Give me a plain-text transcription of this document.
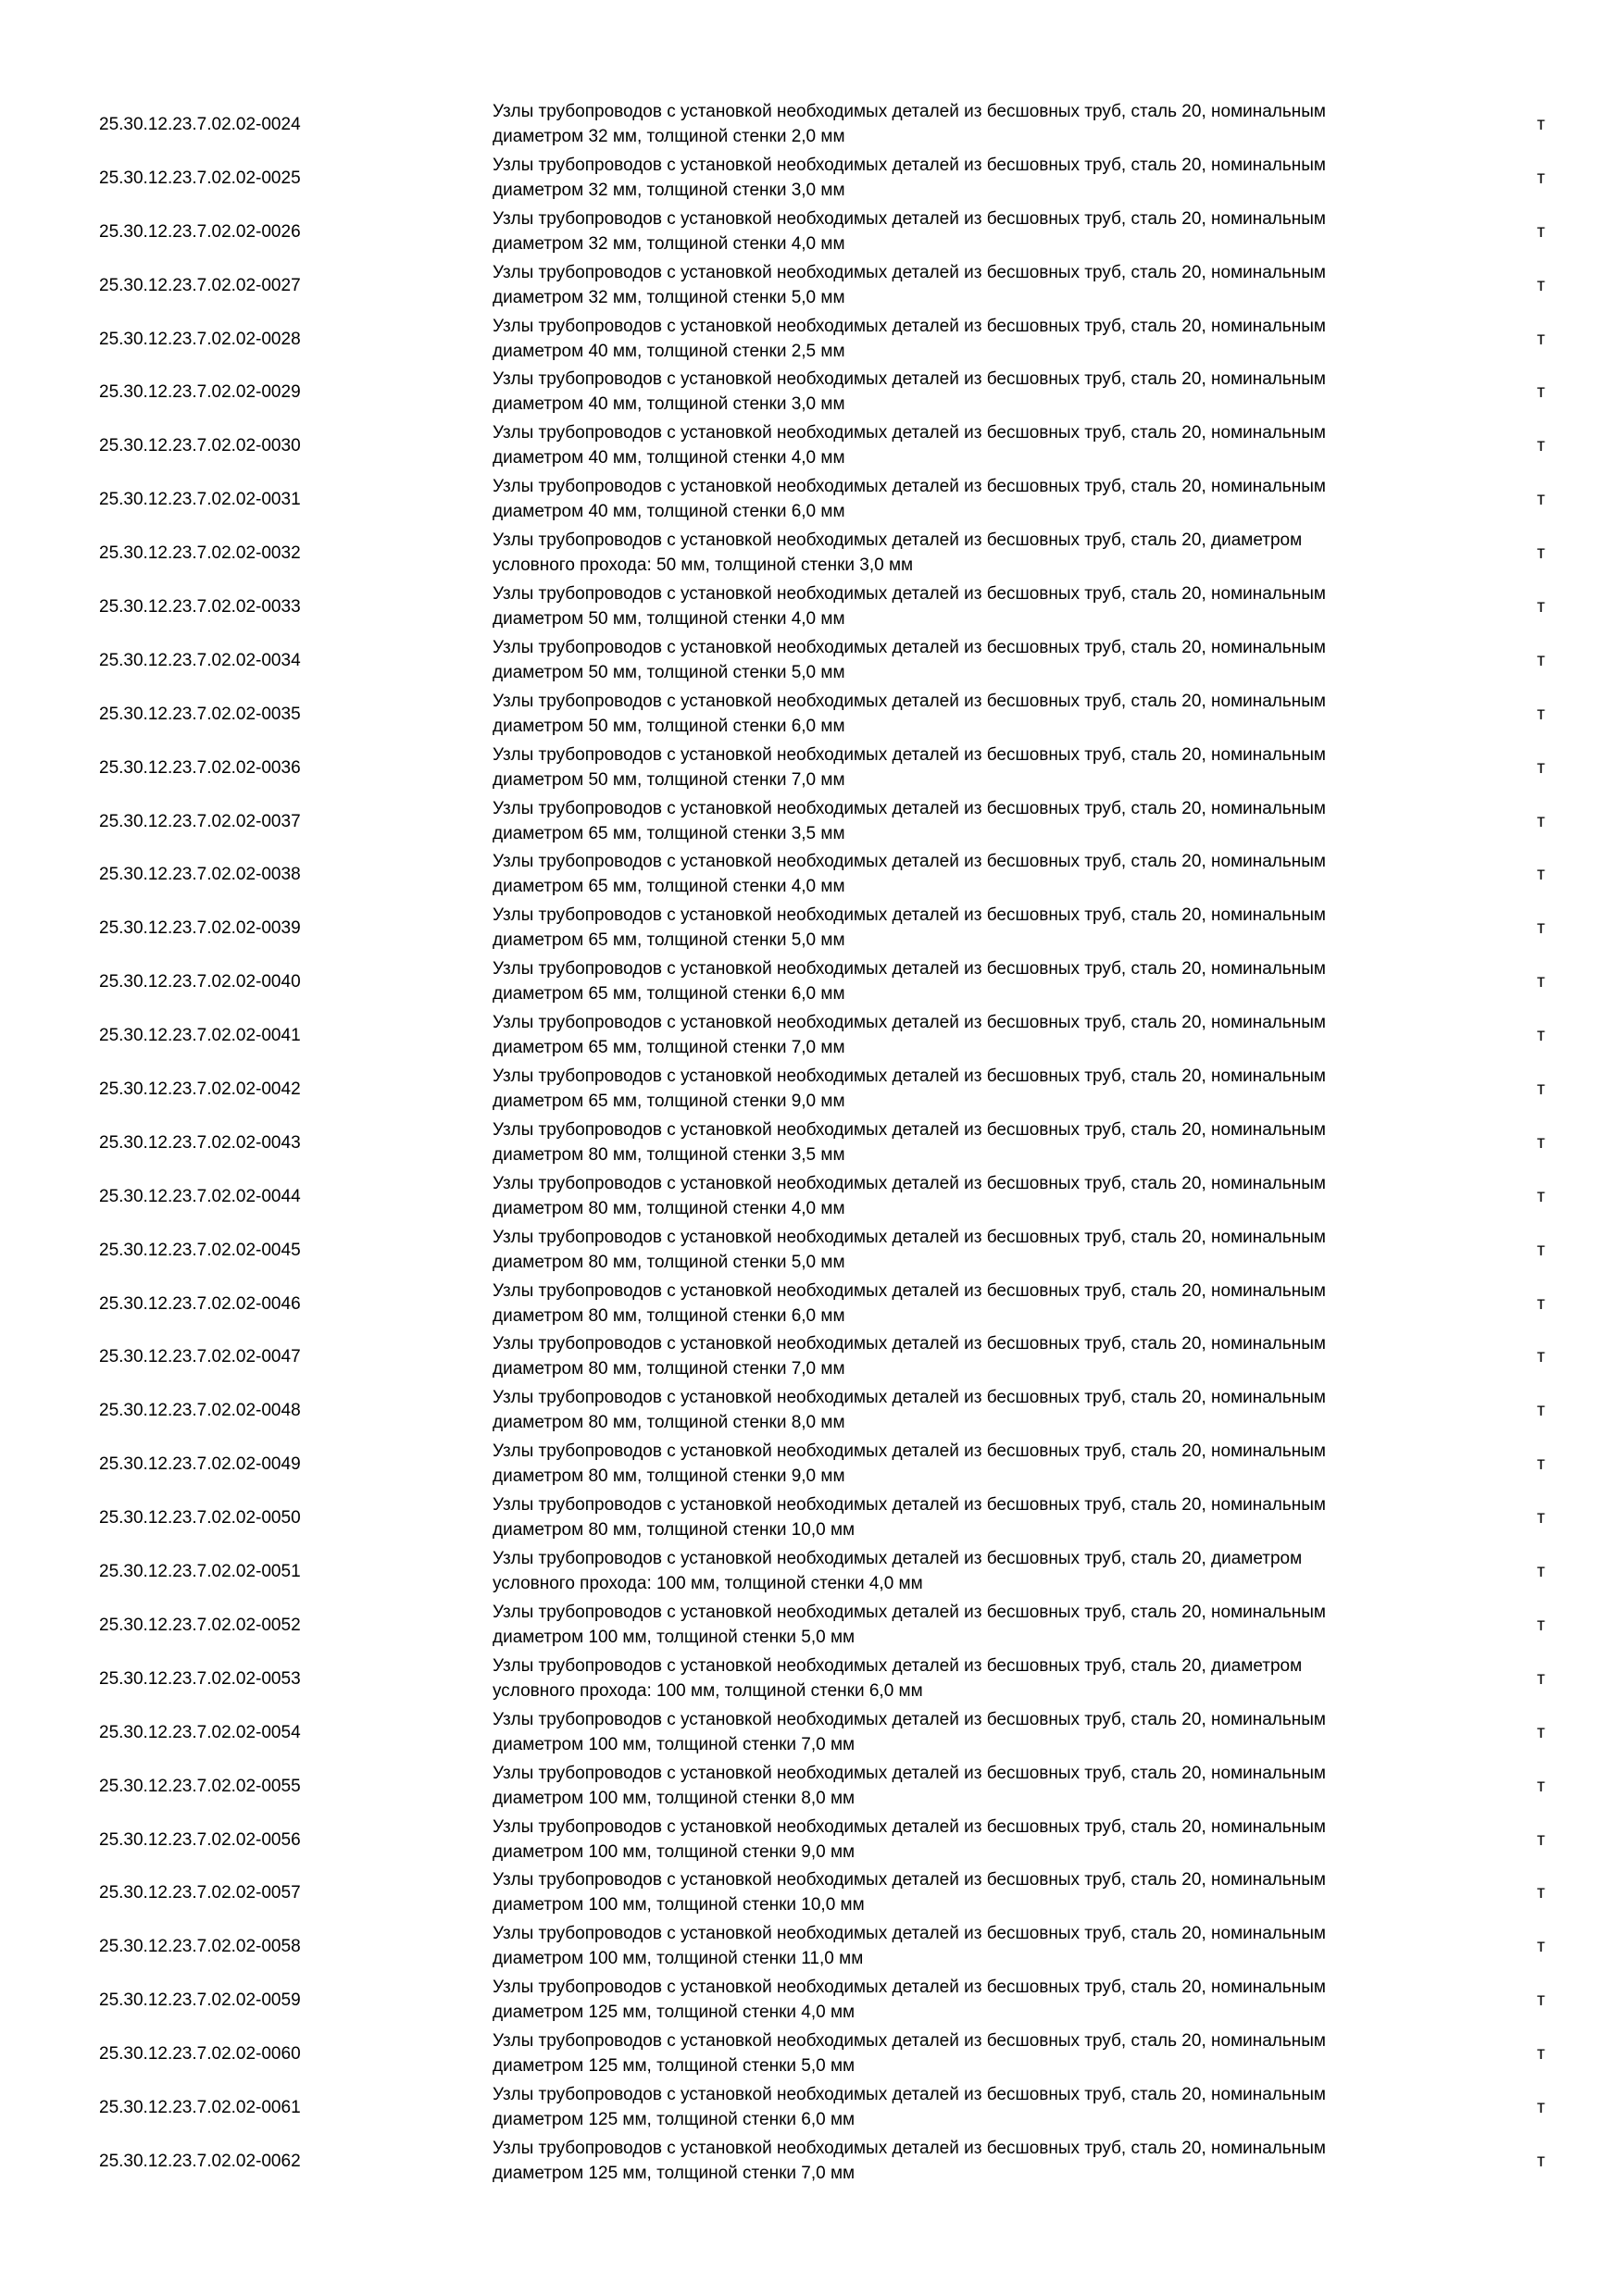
25.30.12.23.7.02.02-0024
Узлы трубопроводов с установкой необходимых деталей из бесшовных труб, сталь 20, номинальным
диаметром 32 мм, толщиной стенки 2,0 мм
т
25.30.12.23.7.02.02-0025
Узлы трубопроводов с установкой необходимых деталей из бесшовных труб, сталь 20, номинальным
диаметром 32 мм, толщиной стенки 3,0 мм
т
25.30.12.23.7.02.02-0026
Узлы трубопроводов с установкой необходимых деталей из бесшовных труб, сталь 20, номинальным
диаметром 32 мм, толщиной стенки 4,0 мм
т
25.30.12.23.7.02.02-0027
Узлы трубопроводов с установкой необходимых деталей из бесшовных труб, сталь 20, номинальным
диаметром 32 мм, толщиной стенки 5,0 мм
т
25.30.12.23.7.02.02-0028
Узлы трубопроводов с установкой необходимых деталей из бесшовных труб, сталь 20, номинальным
диаметром 40 мм, толщиной стенки 2,5 мм
т
25.30.12.23.7.02.02-0029
Узлы трубопроводов с установкой необходимых деталей из бесшовных труб, сталь 20, номинальным
диаметром 40 мм, толщиной стенки 3,0 мм
т
25.30.12.23.7.02.02-0030
Узлы трубопроводов с установкой необходимых деталей из бесшовных труб, сталь 20, номинальным
диаметром 40 мм, толщиной стенки 4,0 мм
т
25.30.12.23.7.02.02-0031
Узлы трубопроводов с установкой необходимых деталей из бесшовных труб, сталь 20, номинальным
диаметром 40 мм, толщиной стенки 6,0 мм
т
25.30.12.23.7.02.02-0032
Узлы трубопроводов с установкой необходимых деталей из бесшовных труб, сталь 20, диаметром
условного прохода: 50 мм, толщиной стенки 3,0 мм
т
25.30.12.23.7.02.02-0033
Узлы трубопроводов с установкой необходимых деталей из бесшовных труб, сталь 20, номинальным
диаметром 50 мм, толщиной стенки 4,0 мм
т
25.30.12.23.7.02.02-0034
Узлы трубопроводов с установкой необходимых деталей из бесшовных труб, сталь 20, номинальным
диаметром 50 мм, толщиной стенки 5,0 мм
т
25.30.12.23.7.02.02-0035
Узлы трубопроводов с установкой необходимых деталей из бесшовных труб, сталь 20, номинальным
диаметром 50 мм, толщиной стенки 6,0 мм
т
25.30.12.23.7.02.02-0036
Узлы трубопроводов с установкой необходимых деталей из бесшовных труб, сталь 20, номинальным
диаметром 50 мм, толщиной стенки 7,0 мм
т
25.30.12.23.7.02.02-0037
Узлы трубопроводов с установкой необходимых деталей из бесшовных труб, сталь 20, номинальным
диаметром 65 мм, толщиной стенки 3,5 мм
т
25.30.12.23.7.02.02-0038
Узлы трубопроводов с установкой необходимых деталей из бесшовных труб, сталь 20, номинальным
диаметром 65 мм, толщиной стенки 4,0 мм
т
25.30.12.23.7.02.02-0039
Узлы трубопроводов с установкой необходимых деталей из бесшовных труб, сталь 20, номинальным
диаметром 65 мм, толщиной стенки 5,0 мм
т
25.30.12.23.7.02.02-0040
Узлы трубопроводов с установкой необходимых деталей из бесшовных труб, сталь 20, номинальным
диаметром 65 мм, толщиной стенки 6,0 мм
т
25.30.12.23.7.02.02-0041
Узлы трубопроводов с установкой необходимых деталей из бесшовных труб, сталь 20, номинальным
диаметром 65 мм, толщиной стенки 7,0 мм
т
25.30.12.23.7.02.02-0042
Узлы трубопроводов с установкой необходимых деталей из бесшовных труб, сталь 20, номинальным
диаметром 65 мм, толщиной стенки 9,0 мм
т
25.30.12.23.7.02.02-0043
Узлы трубопроводов с установкой необходимых деталей из бесшовных труб, сталь 20, номинальным
диаметром 80 мм, толщиной стенки 3,5 мм
т
25.30.12.23.7.02.02-0044
Узлы трубопроводов с установкой необходимых деталей из бесшовных труб, сталь 20, номинальным
диаметром 80 мм, толщиной стенки 4,0 мм
т
25.30.12.23.7.02.02-0045
Узлы трубопроводов с установкой необходимых деталей из бесшовных труб, сталь 20, номинальным
диаметром 80 мм, толщиной стенки 5,0 мм
т
25.30.12.23.7.02.02-0046
Узлы трубопроводов с установкой необходимых деталей из бесшовных труб, сталь 20, номинальным
диаметром 80 мм, толщиной стенки 6,0 мм
т
25.30.12.23.7.02.02-0047
Узлы трубопроводов с установкой необходимых деталей из бесшовных труб, сталь 20, номинальным
диаметром 80 мм, толщиной стенки 7,0 мм
т
25.30.12.23.7.02.02-0048
Узлы трубопроводов с установкой необходимых деталей из бесшовных труб, сталь 20, номинальным
диаметром 80 мм, толщиной стенки 8,0 мм
т
25.30.12.23.7.02.02-0049
Узлы трубопроводов с установкой необходимых деталей из бесшовных труб, сталь 20, номинальным
диаметром 80 мм, толщиной стенки 9,0 мм
т
25.30.12.23.7.02.02-0050
Узлы трубопроводов с установкой необходимых деталей из бесшовных труб, сталь 20, номинальным
диаметром 80 мм, толщиной стенки 10,0 мм
т
25.30.12.23.7.02.02-0051
Узлы трубопроводов с установкой необходимых деталей из бесшовных труб, сталь 20, диаметром
условного прохода: 100 мм, толщиной стенки 4,0 мм
т
25.30.12.23.7.02.02-0052
Узлы трубопроводов с установкой необходимых деталей из бесшовных труб, сталь 20, номинальным
диаметром 100 мм, толщиной стенки 5,0 мм
т
25.30.12.23.7.02.02-0053
Узлы трубопроводов с установкой необходимых деталей из бесшовных труб, сталь 20, диаметром
условного прохода: 100 мм, толщиной стенки 6,0 мм
т
25.30.12.23.7.02.02-0054
Узлы трубопроводов с установкой необходимых деталей из бесшовных труб, сталь 20, номинальным
диаметром 100 мм, толщиной стенки 7,0 мм
т
25.30.12.23.7.02.02-0055
Узлы трубопроводов с установкой необходимых деталей из бесшовных труб, сталь 20, номинальным
диаметром 100 мм, толщиной стенки 8,0 мм
т
25.30.12.23.7.02.02-0056
Узлы трубопроводов с установкой необходимых деталей из бесшовных труб, сталь 20, номинальным
диаметром 100 мм, толщиной стенки 9,0 мм
т
25.30.12.23.7.02.02-0057
Узлы трубопроводов с установкой необходимых деталей из бесшовных труб, сталь 20, номинальным
диаметром 100 мм, толщиной стенки 10,0 мм
т
25.30.12.23.7.02.02-0058
Узлы трубопроводов с установкой необходимых деталей из бесшовных труб, сталь 20, номинальным
диаметром 100 мм, толщиной стенки 11,0 мм
т
25.30.12.23.7.02.02-0059
Узлы трубопроводов с установкой необходимых деталей из бесшовных труб, сталь 20, номинальным
диаметром 125 мм, толщиной стенки 4,0 мм
т
25.30.12.23.7.02.02-0060
Узлы трубопроводов с установкой необходимых деталей из бесшовных труб, сталь 20, номинальным
диаметром 125 мм, толщиной стенки 5,0 мм
т
25.30.12.23.7.02.02-0061
Узлы трубопроводов с установкой необходимых деталей из бесшовных труб, сталь 20, номинальным
диаметром 125 мм, толщиной стенки 6,0 мм
т
25.30.12.23.7.02.02-0062
Узлы трубопроводов с установкой необходимых деталей из бесшовных труб, сталь 20, номинальным
диаметром 125 мм, толщиной стенки 7,0 мм
т
